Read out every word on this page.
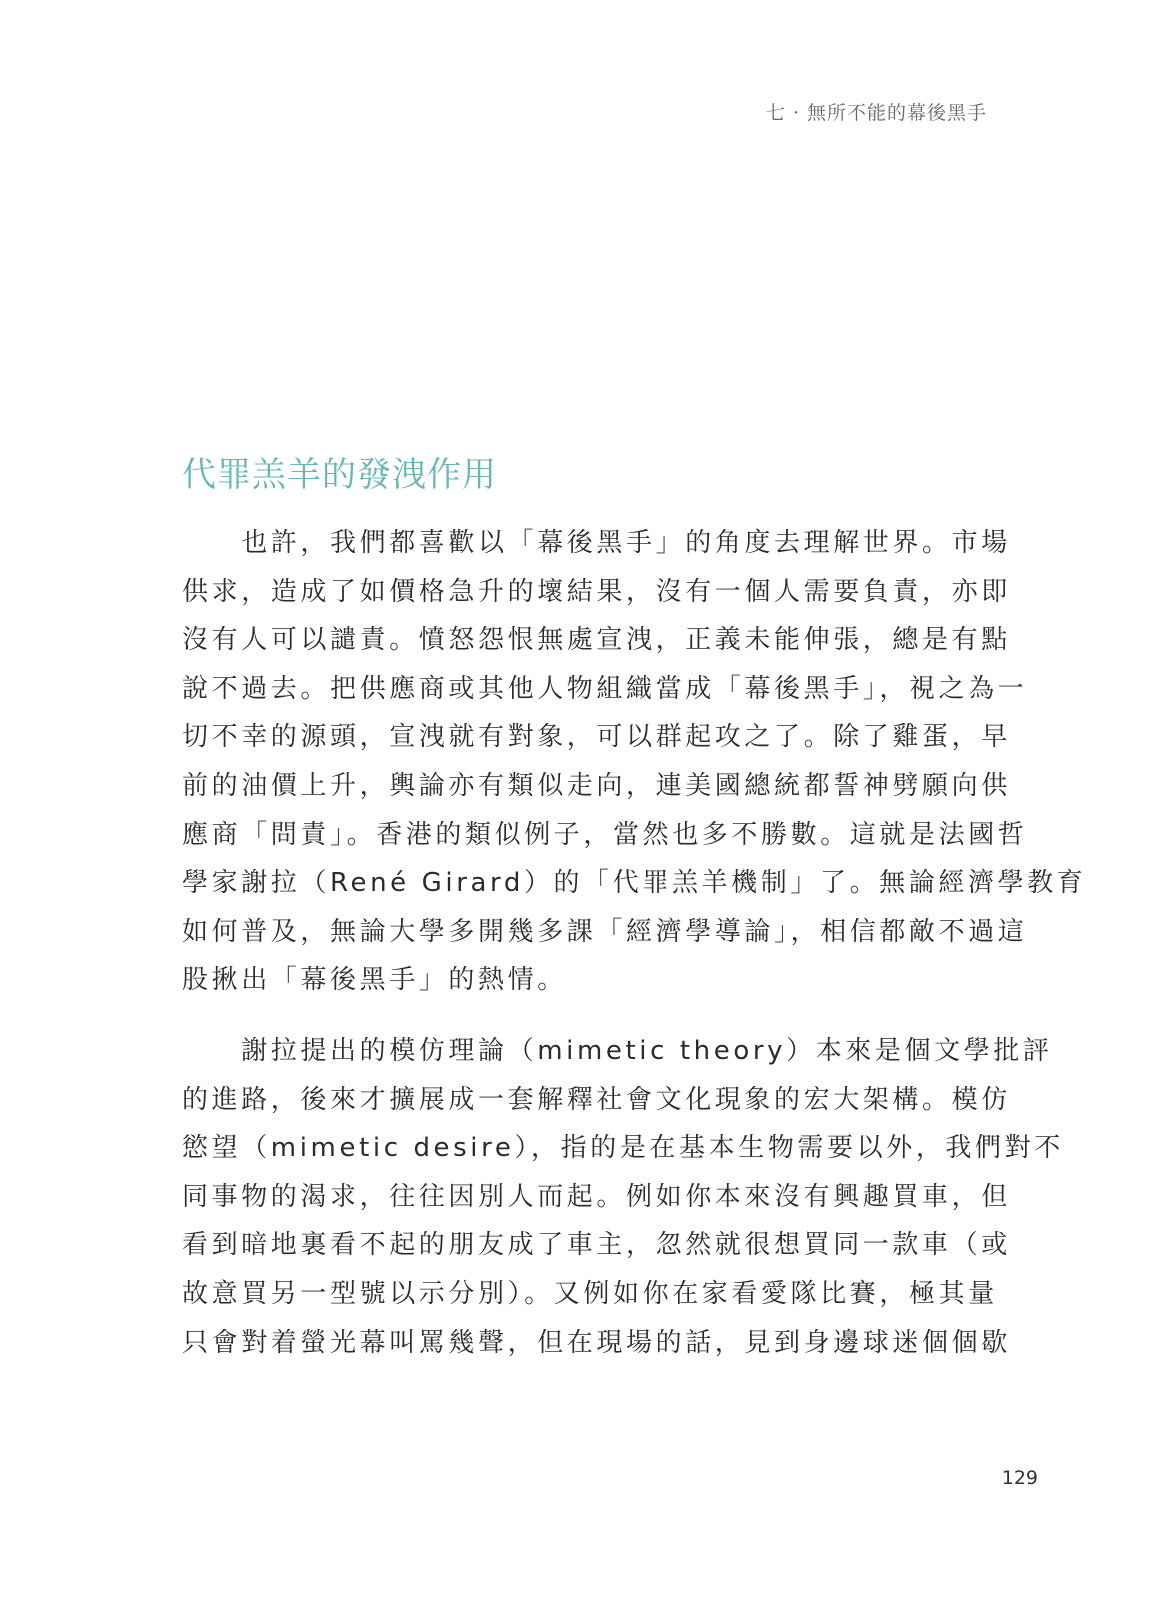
七 · 無所不能的幕後黑手
代罪羔羊的發洩作用
　　也許，我們都喜歡以「幕後黑手」的角度去理解世界。市場
供求，造成了如價格急升的壞結果，沒有一個人需要負責，亦即
沒有人可以譴責。憤怒怨恨無處宣洩，正義未能伸張，總是有點
說不過去。把供應商或其他人物組織當成「幕後黑手」，視之為一
切不幸的源頭，宣洩就有對象，可以群起攻之了。除了雞蛋，早
前的油價上升，輿論亦有類似走向，連美國總統都誓神劈願向供
應商「問責」。香港的類似例子，當然也多不勝數。這就是法國哲
學家謝拉（René Girard）的「代罪羔羊機制」了。無論經濟學教育
如何普及，無論大學多開幾多課「經濟學導論」，相信都敵不過這
股揪出「幕後黑手」的熱情。
　　謝拉提出的模仿理論（mimetic theory）本來是個文學批評
的進路，後來才擴展成一套解釋社會文化現象的宏大架構。模仿
慾望（mimetic desire），指的是在基本生物需要以外，我們對不
同事物的渴求，往往因別人而起。例如你本來沒有興趣買車，但
看到暗地裏看不起的朋友成了車主，忽然就很想買同一款車（或
故意買另一型號以示分別）。又例如你在家看愛隊比賽，極其量
只會對着螢光幕叫罵幾聲，但在現場的話，見到身邊球迷個個歇
129
